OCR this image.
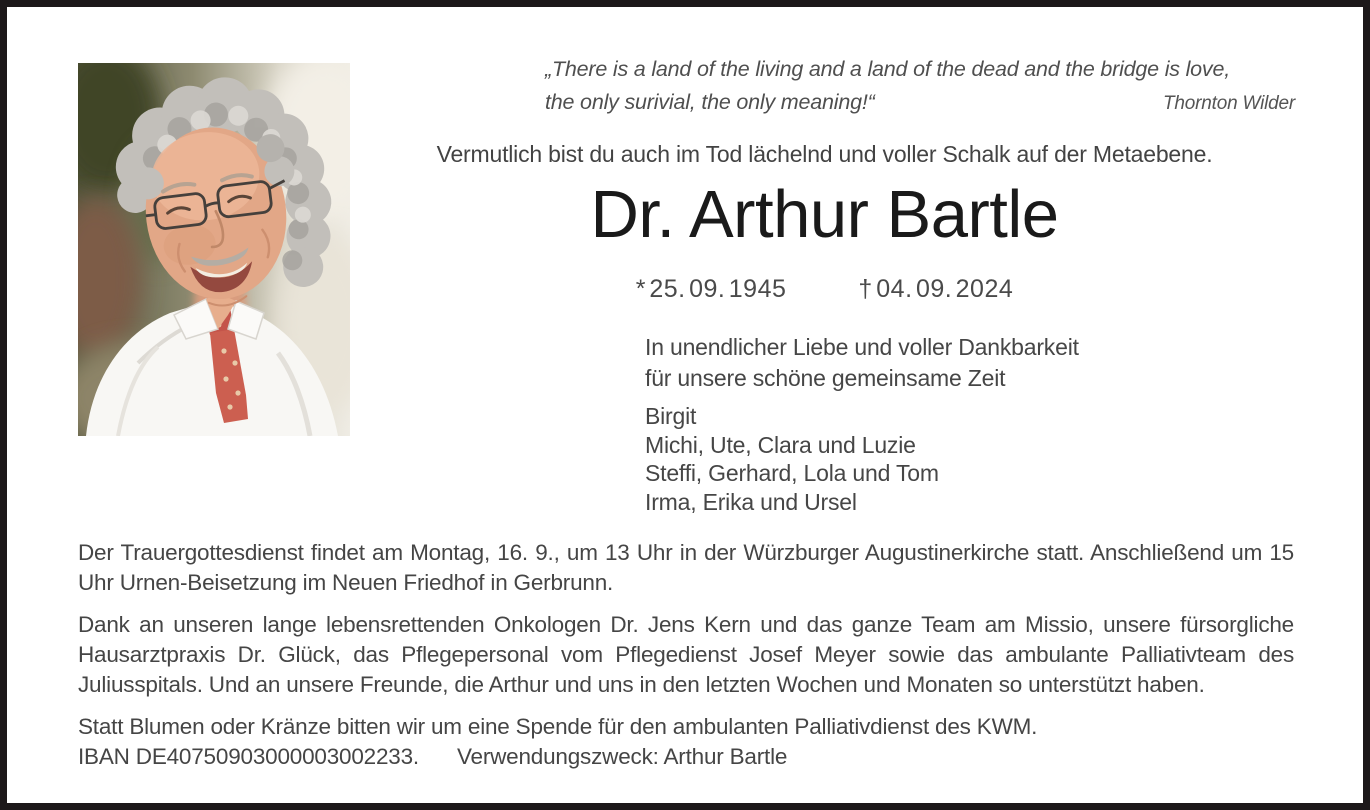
„There is a land of the living and a land of the dead and the bridge is love,
the only surivial, the only meaning!“	Thornton Wilder
Vermutlich bist du auch im Tod lächelnd und voller Schalk auf der Metaebene.
Dr. Arthur Bartle
* 25. 09. 1945	† 04. 09. 2024
In unendlicher Liebe und voller Dankbarkeit
für unsere schöne gemeinsame Zeit
Birgit
Michi, Ute, Clara und Luzie
Steffi, Gerhard, Lola und Tom
Irma, Erika und Ursel

Der Trauergottesdienst findet am Montag, 16. 9., um 13 Uhr in der Würzburger Augustinerkirche statt. Anschließend um 15 Uhr Urnen-Beisetzung im Neuen Friedhof in Gerbrunn.

Dank an unseren lange lebensrettenden Onkologen Dr. Jens Kern und das ganze Team am Missio, unsere fürsorgliche Hausarztpraxis Dr. Glück, das Pflegepersonal vom Pflegedienst Josef Meyer sowie das ambulante Palliativteam des Juliusspitals. Und an unsere Freunde, die Arthur und uns in den letzten Wochen und Monaten so unterstützt haben.

Statt Blumen oder Kränze bitten wir um eine Spende für den ambulanten Palliativdienst des KWM.

IBAN DE40750903000003002233. Verwendungszweck: Arthur Bartle
